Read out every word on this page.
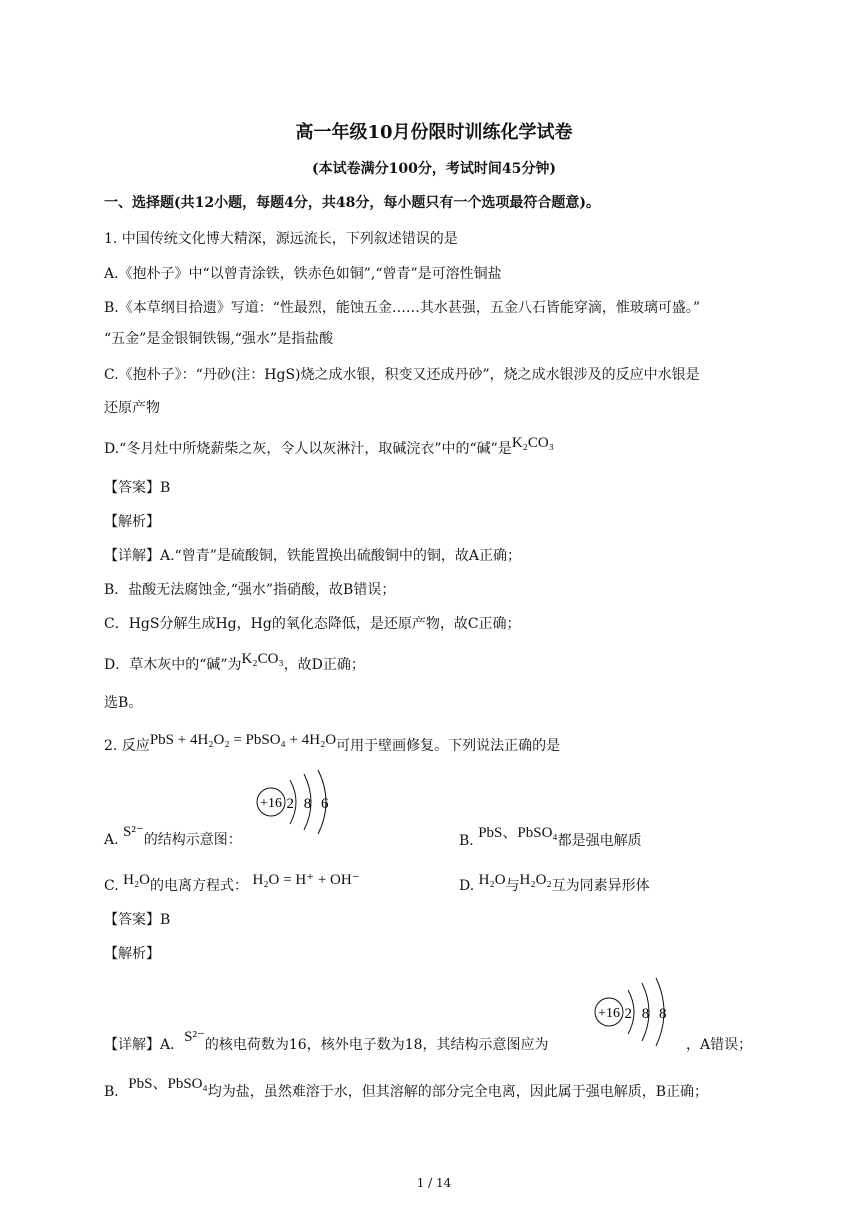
高一年级10月份限时训练化学试卷
(本试卷满分100分，考试时间45分钟)
一、选择题(共12小题，每题4分，共48分，每小题只有一个选项最符合题意)。
1. 中国传统文化博大精深，源远流长，下列叙述错误的是
A.《抱朴子》中“以曾青涂铁，铁赤色如铜”,“曾青”是可溶性铜盐
B.《本草纲目拾遗》写道：“性最烈，能蚀五金……其水甚强，五金八石皆能穿滴，惟玻璃可盛。”
“五金”是金银铜铁锡,“强水”是指盐酸
C.《抱朴子》：“丹砂(注：HgS)烧之成水银，积变又还成丹砂”，烧之成水银涉及的反应中水银是
还原产物
D.“冬月灶中所烧薪柴之灰，令人以灰淋汁，取碱浣衣”中的“碱”是K₂CO₃
【答案】B
【解析】
【详解】A.“曾青”是硫酸铜，铁能置换出硫酸铜中的铜，故A正确；
B．盐酸无法腐蚀金,“强水”指硝酸，故B错误；
C．HgS分解生成Hg，Hg的氧化态降低，是还原产物，故C正确；
D．草木灰中的“碱”为K₂CO₃，故D正确；
选B。
2. 反应PbS + 4H₂O₂ = PbSO₄ + 4H₂O可用于壁画修复。下列说法正确的是
+16 2 8 6
A. S²⁻的结构示意图：	B. PbS、PbSO₄都是强电解质
C. H₂O的电离方程式： H₂O = H⁺ + OH⁻	D. H₂O与H₂O₂互为同素异形体
【答案】B
【解析】
+16 2 8 8
【详解】A．S²⁻的核电荷数为16，核外电子数为18，其结构示意图应为	，A错误；
B．PbS、PbSO₄均为盐，虽然难溶于水，但其溶解的部分完全电离，因此属于强电解质，B正确；
1 / 14
